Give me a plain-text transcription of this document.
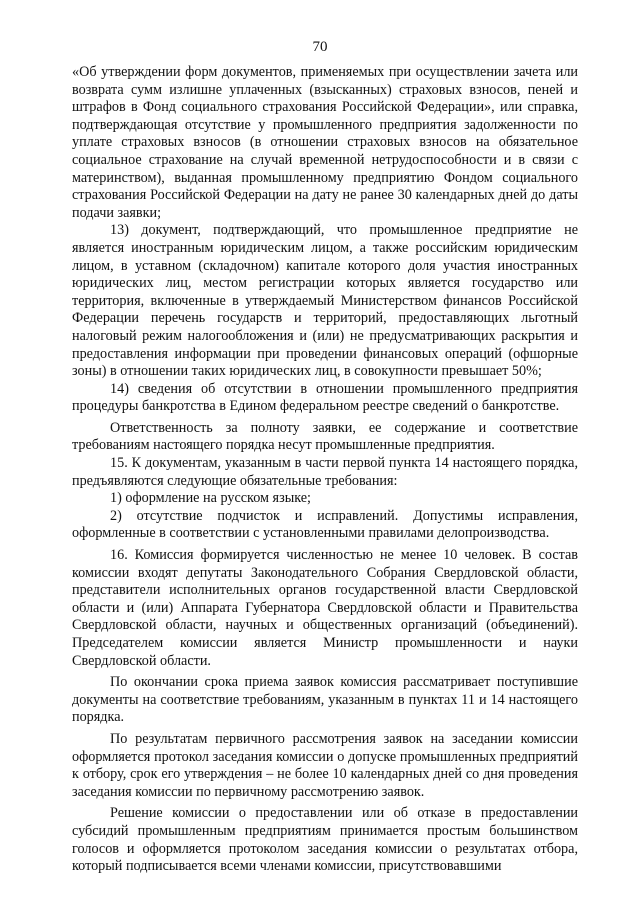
70

«Об утверждении форм документов, применяемых при осуществлении зачета или возврата сумм излишне уплаченных (взысканных) страховых взносов, пеней и штрафов в Фонд социального страхования Российской Федерации», или справка, подтверждающая отсутствие у промышленного предприятия задолженности по уплате страховых взносов (в отношении страховых взносов на обязательное социальное страхование на случай временной нетрудоспособности и в связи с материнством), выданная промышленному предприятию Фондом социального страхования Российской Федерации на дату не ранее 30 календарных дней до даты подачи заявки;

13) документ, подтверждающий, что промышленное предприятие не является иностранным юридическим лицом, а также российским юридическим лицом, в уставном (складочном) капитале которого доля участия иностранных юридических лиц, местом регистрации которых является государство или территория, включенные в утверждаемый Министерством финансов Российской Федерации перечень государств и территорий, предоставляющих льготный налоговый режим налогообложения и (или) не предусматривающих раскрытия и предоставления информации при проведении финансовых операций (офшорные зоны) в отношении таких юридических лиц, в совокупности превышает 50%;

14) сведения об отсутствии в отношении промышленного предприятия процедуры банкротства в Едином федеральном реестре сведений о банкротстве.

Ответственность за полноту заявки, ее содержание и соответствие требованиям настоящего порядка несут промышленные предприятия.

15. К документам, указанным в части первой пункта 14 настоящего порядка, предъявляются следующие обязательные требования:

1) оформление на русском языке;

2) отсутствие подчисток и исправлений. Допустимы исправления, оформленные в соответствии с установленными правилами делопроизводства.

16. Комиссия формируется численностью не менее 10 человек. В состав комиссии входят депутаты Законодательного Собрания Свердловской области, представители исполнительных органов государственной власти Свердловской области и (или) Аппарата Губернатора Свердловской области и Правительства Свердловской области, научных и общественных организаций (объединений). Председателем комиссии является Министр промышленности и науки Свердловской области.

По окончании срока приема заявок комиссия рассматривает поступившие документы на соответствие требованиям, указанным в пунктах 11 и 14 настоящего порядка.

По результатам первичного рассмотрения заявок на заседании комиссии оформляется протокол заседания комиссии о допуске промышленных предприятий к отбору, срок его утверждения – не более 10 календарных дней со дня проведения заседания комиссии по первичному рассмотрению заявок.

Решение комиссии о предоставлении или об отказе в предоставлении субсидий промышленным предприятиям принимается простым большинством голосов и оформляется протоколом заседания комиссии о результатах отбора, который подписывается всеми членами комиссии, присутствовавшими
